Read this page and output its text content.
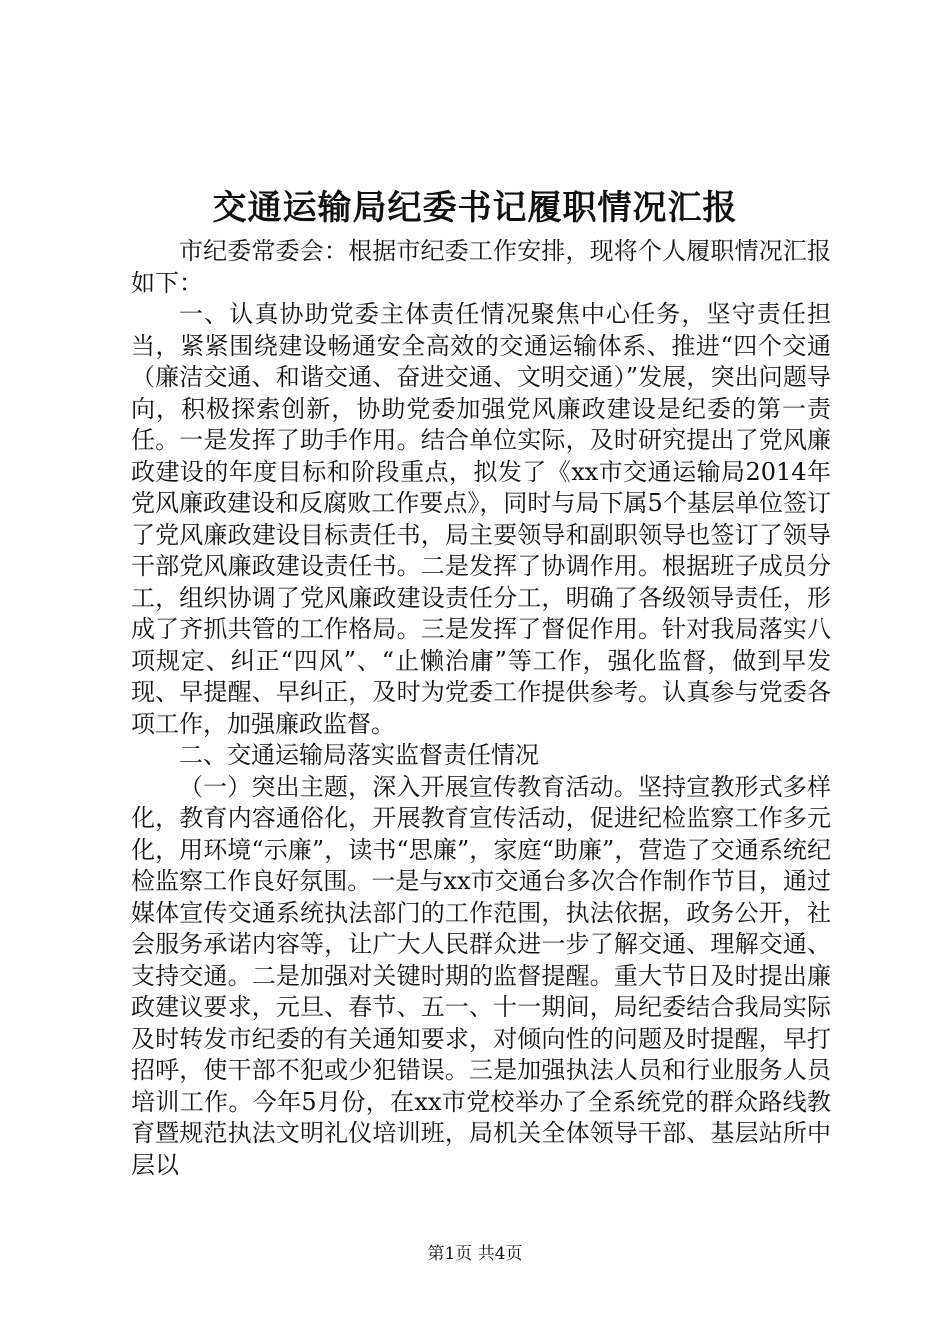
交通运输局纪委书记履职情况汇报

市纪委常委会：根据市纪委工作安排，现将个人履职情况汇报如下：

一、认真协助党委主体责任情况聚焦中心任务，坚守责任担当，紧紧围绕建设畅通安全高效的交通运输体系、推进“四个交通（廉洁交通、和谐交通、奋进交通、文明交通）”发展，突出问题导向，积极探索创新，协助党委加强党风廉政建设是纪委的第一责任。一是发挥了助手作用。结合单位实际，及时研究提出了党风廉政建设的年度目标和阶段重点，拟发了《xx市交通运输局2014年党风廉政建设和反腐败工作要点》，同时与局下属5个基层单位签订了党风廉政建设目标责任书，局主要领导和副职领导也签订了领导干部党风廉政建设责任书。二是发挥了协调作用。根据班子成员分工，组织协调了党风廉政建设责任分工，明确了各级领导责任，形成了齐抓共管的工作格局。三是发挥了督促作用。针对我局落实八项规定、纠正“四风”、“止懒治庸”等工作，强化监督，做到早发现、早提醒、早纠正，及时为党委工作提供参考。认真参与党委各项工作，加强廉政监督。

二、交通运输局落实监督责任情况

（一）突出主题，深入开展宣传教育活动。坚持宣教形式多样化，教育内容通俗化，开展教育宣传活动，促进纪检监察工作多元化，用环境“示廉”，读书“思廉”，家庭“助廉”，营造了交通系统纪检监察工作良好氛围。一是与xx市交通台多次合作制作节目，通过媒体宣传交通系统执法部门的工作范围，执法依据，政务公开，社会服务承诺内容等，让广大人民群众进一步了解交通、理解交通、支持交通。二是加强对关键时期的监督提醒。重大节日及时提出廉政建议要求，元旦、春节、五一、十一期间，局纪委结合我局实际及时转发市纪委的有关通知要求，对倾向性的问题及时提醒，早打招呼，使干部不犯或少犯错误。三是加强执法人员和行业服务人员培训工作。今年5月份，在xx市党校举办了全系统党的群众路线教育暨规范执法文明礼仪培训班，局机关全体领导干部、基层站所中层以

第1页 共4页
